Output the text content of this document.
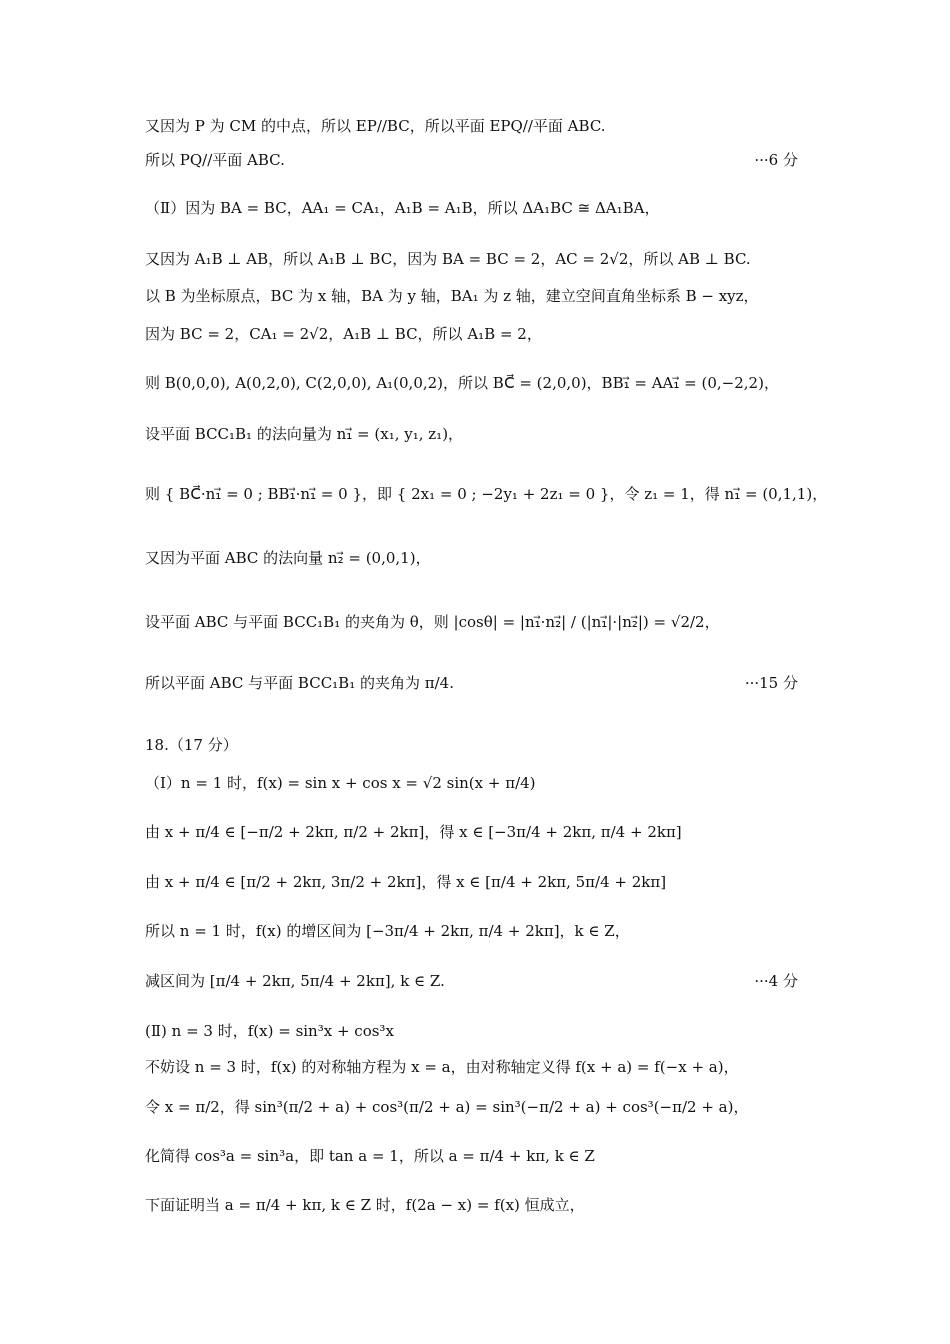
又因为 P 为 CM 的中点，所以 EP//BC，所以平面 EPQ//平面 ABC.
所以 PQ//平面 ABC.	···6 分
（Ⅱ）因为 BA = BC，AA₁ = CA₁，A₁B = A₁B，所以 ΔA₁BC ≅ ΔA₁BA，
又因为 A₁B ⊥ AB，所以 A₁B ⊥ BC，因为 BA = BC = 2，AC = 2√2，所以 AB ⊥ BC.
以 B 为坐标原点，BC 为 x 轴，BA 为 y 轴，BA₁ 为 z 轴，建立空间直角坐标系 B − xyz，
因为 BC = 2，CA₁ = 2√2，A₁B ⊥ BC，所以 A₁B = 2，
则 B(0,0,0), A(0,2,0), C(2,0,0), A₁(0,0,2)，所以 BC⃗ = (2,0,0)，BB₁⃗ = AA₁⃗ = (0,−2,2)，
设平面 BCC₁B₁ 的法向量为 n₁⃗ = (x₁, y₁, z₁)，
则 { BC⃗·n₁⃗ = 0 ; BB₁⃗·n₁⃗ = 0 }，即 { 2x₁ = 0 ; −2y₁ + 2z₁ = 0 }，令 z₁ = 1，得 n₁⃗ = (0,1,1)，
又因为平面 ABC 的法向量 n₂⃗ = (0,0,1)，
设平面 ABC 与平面 BCC₁B₁ 的夹角为 θ，则 |cosθ| = |n₁⃗·n₂⃗| / (|n₁⃗|·|n₂⃗|) = √2/2，
所以平面 ABC 与平面 BCC₁B₁ 的夹角为 π/4.	···15 分
18.（17 分）
（Ⅰ）n = 1 时，f(x) = sin x + cos x = √2 sin(x + π/4)
由 x + π/4 ∈ [−π/2 + 2kπ, π/2 + 2kπ]，得 x ∈ [−3π/4 + 2kπ, π/4 + 2kπ]
由 x + π/4 ∈ [π/2 + 2kπ, 3π/2 + 2kπ]，得 x ∈ [π/4 + 2kπ, 5π/4 + 2kπ]
所以 n = 1 时，f(x) 的增区间为 [−3π/4 + 2kπ, π/4 + 2kπ]，k ∈ Z，
减区间为 [π/4 + 2kπ, 5π/4 + 2kπ], k ∈ Z.	···4 分
(Ⅱ) n = 3 时，f(x) = sin³x + cos³x
不妨设 n = 3 时，f(x) 的对称轴方程为 x = a，由对称轴定义得 f(x + a) = f(−x + a)，
令 x = π/2，得 sin³(π/2 + a) + cos³(π/2 + a) = sin³(−π/2 + a) + cos³(−π/2 + a)，
化简得 cos³a = sin³a，即 tan a = 1，所以 a = π/4 + kπ, k ∈ Z
下面证明当 a = π/4 + kπ, k ∈ Z 时，f(2a − x) = f(x) 恒成立，
